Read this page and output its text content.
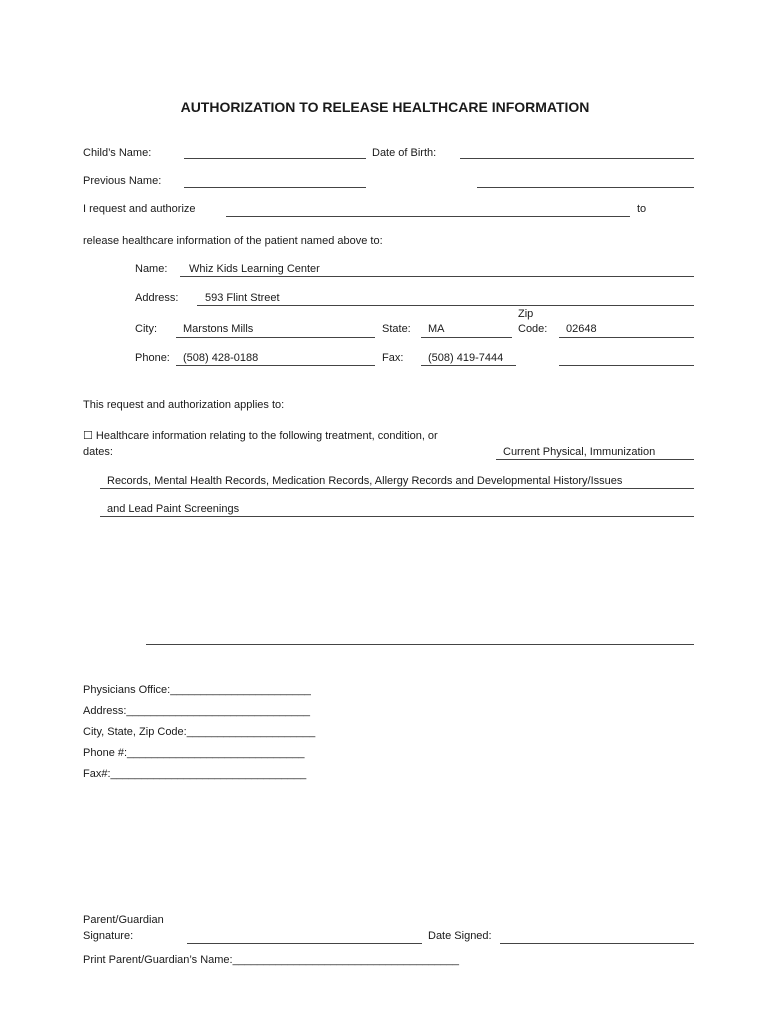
AUTHORIZATION TO RELEASE HEALTHCARE INFORMATION
Child’s Name:	Date of Birth:
Previous Name:
I request and authorize	to
release healthcare information of the patient named above to:
Name: Whiz Kids Learning Center
Address: 593 Flint Street
City: Marstons Mills	State: MA
Zip
Code: 02648
Phone: (508) 428-0188	Fax: (508) 419-7444
This request and authorization applies to:
☐ Healthcare information relating to the following treatment, condition, or
dates:	Current Physical, Immunization
Records, Mental Health Records, Medication Records, Allergy Records and Developmental History/Issues
and Lead Paint Screenings
Physicians Office:_______________________
Address:______________________________
City, State, Zip Code:_____________________
Phone #:_____________________________
Fax#:________________________________
Parent/Guardian
Signature:	Date Signed:
Print Parent/Guardian’s Name:_____________________________________
